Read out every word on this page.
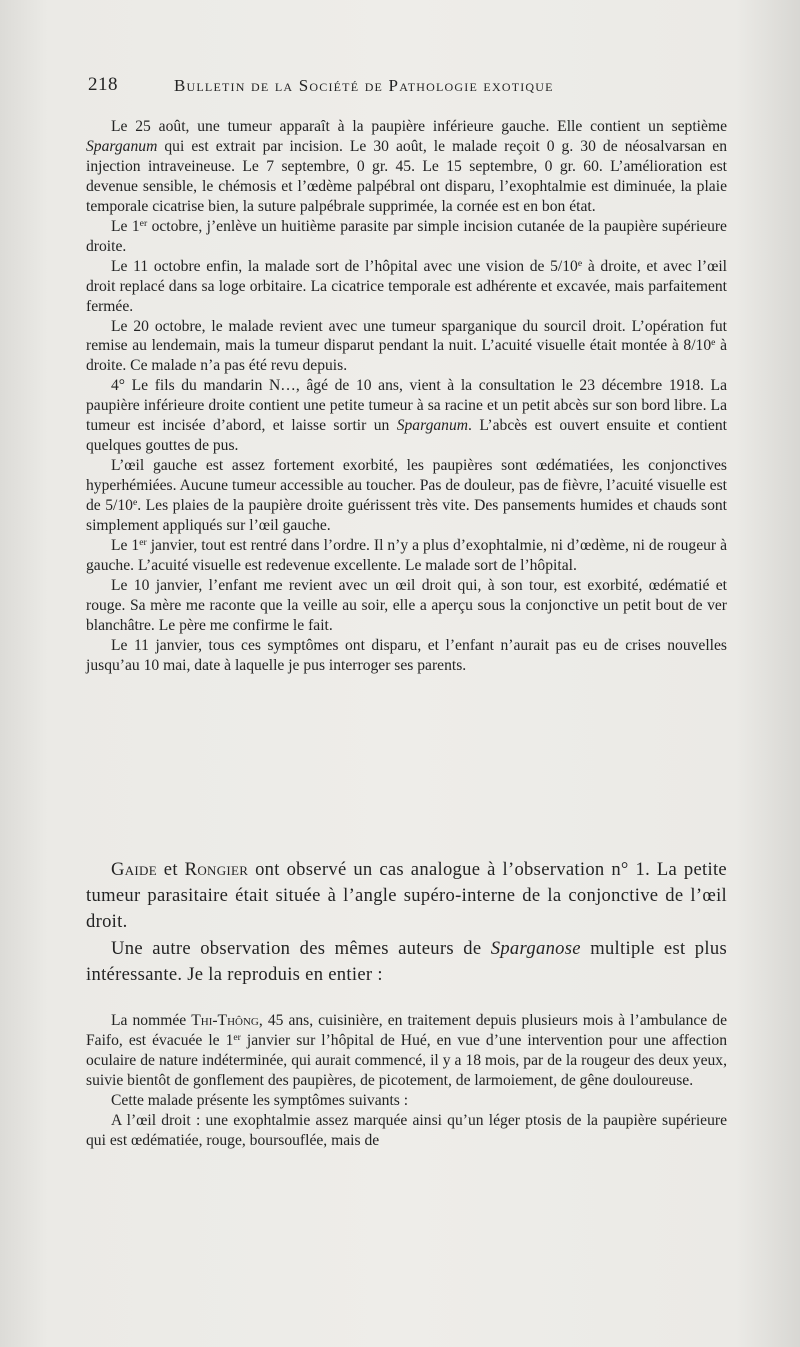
218	Bulletin de la Société de Pathologie exotique

Le 25 août, une tumeur apparaît à la paupière inférieure gauche. Elle contient un septième Sparganum qui est extrait par incision. Le 30 août, le malade reçoit 0 g. 30 de néosalvarsan en injection intraveineuse. Le 7 septembre, 0 gr. 45. Le 15 septembre, 0 gr. 60. L’amélioration est devenue sensible, le chémosis et l’œdème palpébral ont disparu, l’exophtalmie est diminuée, la plaie temporale cicatrise bien, la suture palpébrale supprimée, la cornée est en bon état.

Le 1er octobre, j’enlève un huitième parasite par simple incision cutanée de la paupière supérieure droite.

Le 11 octobre enfin, la malade sort de l’hôpital avec une vision de 5/10e à droite, et avec l’œil droit replacé dans sa loge orbitaire. La cicatrice temporale est adhérente et excavée, mais parfaitement fermée.

Le 20 octobre, le malade revient avec une tumeur sparganique du sourcil droit. L’opération fut remise au lendemain, mais la tumeur disparut pendant la nuit. L’acuité visuelle était montée à 8/10e à droite. Ce malade n’a pas été revu depuis.

4° Le fils du mandarin N…, âgé de 10 ans, vient à la consultation le 23 décembre 1918. La paupière inférieure droite contient une petite tumeur à sa racine et un petit abcès sur son bord libre. La tumeur est incisée d’abord, et laisse sortir un Sparganum. L’abcès est ouvert ensuite et contient quelques gouttes de pus.

L’œil gauche est assez fortement exorbité, les paupières sont œdématiées, les conjonctives hyperhémiées. Aucune tumeur accessible au toucher. Pas de douleur, pas de fièvre, l’acuité visuelle est de 5/10e. Les plaies de la paupière droite guérissent très vite. Des pansements humides et chauds sont simplement appliqués sur l’œil gauche.

Le 1er janvier, tout est rentré dans l’ordre. Il n’y a plus d’exophtalmie, ni d’œdème, ni de rougeur à gauche. L’acuité visuelle est redevenue excellente. Le malade sort de l’hôpital.

Le 10 janvier, l’enfant me revient avec un œil droit qui, à son tour, est exorbité, œdématié et rouge. Sa mère me raconte que la veille au soir, elle a aperçu sous la conjonctive un petit bout de ver blanchâtre. Le père me confirme le fait.

Le 11 janvier, tous ces symptômes ont disparu, et l’enfant n’aurait pas eu de crises nouvelles jusqu’au 10 mai, date à laquelle je pus interroger ses parents.

Gaide et Rongier ont observé un cas analogue à l’observation n° 1. La petite tumeur parasitaire était située à l’angle supéro-interne de la conjonctive de l’œil droit.

Une autre observation des mêmes auteurs de Sparganose multiple est plus intéressante. Je la reproduis en entier :

La nommée Thi-Thông, 45 ans, cuisinière, en traitement depuis plusieurs mois à l’ambulance de Faifo, est évacuée le 1er janvier sur l’hôpital de Hué, en vue d’une intervention pour une affection oculaire de nature indéterminée, qui aurait commencé, il y a 18 mois, par de la rougeur des deux yeux, suivie bientôt de gonflement des paupières, de picotement, de larmoiement, de gêne douloureuse.

Cette malade présente les symptômes suivants :

A l’œil droit : une exophtalmie assez marquée ainsi qu’un léger ptosis de la paupière supérieure qui est œdématiée, rouge, boursouflée, mais de
